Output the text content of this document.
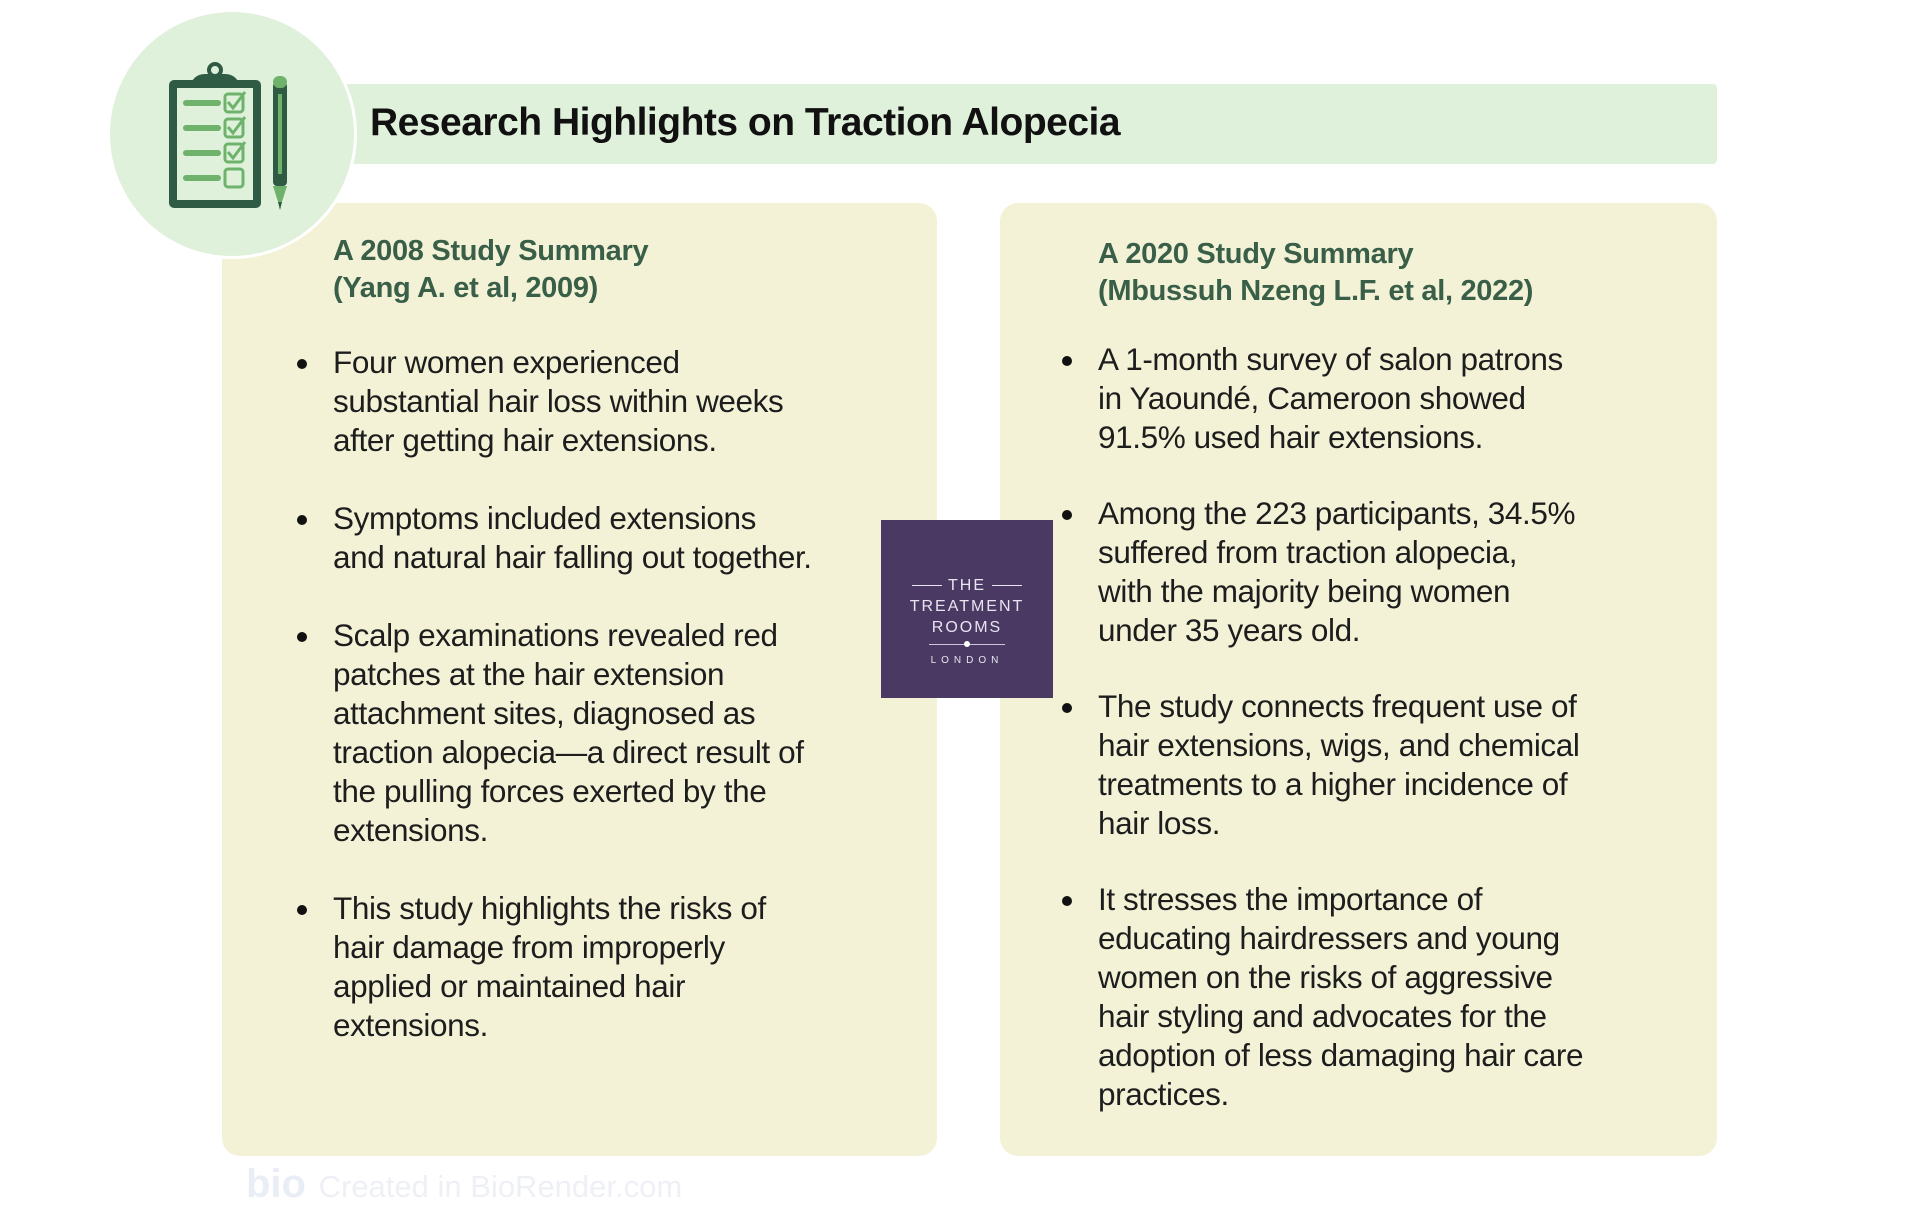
Research Highlights on Traction Alopecia
A 2008 Study Summary
(Yang A. et al, 2009)
Four women experienced
substantial hair loss within weeks
after getting hair extensions.
Symptoms included extensions
and natural hair falling out together.
Scalp examinations revealed red
patches at the hair extension
attachment sites, diagnosed as
traction alopecia—a direct result of
the pulling forces exerted by the
extensions.
This study highlights the risks of
hair damage from improperly
applied or maintained hair
extensions.
A 2020 Study Summary
(Mbussuh Nzeng L.F. et al, 2022)
A 1-month survey of salon patrons
in Yaoundé, Cameroon showed
91.5% used hair extensions.
Among the 223 participants, 34.5%
suffered from traction alopecia,
with the majority being women
under 35 years old.
The study connects frequent use of
hair extensions, wigs, and chemical
treatments to a higher incidence of
hair loss.
It stresses the importance of
educating hairdressers and young
women on the risks of aggressive
hair styling and advocates for the
adoption of less damaging hair care
practices.
THE
TREATMENT
ROOMS
LONDON
bio Created in BioRender.com
